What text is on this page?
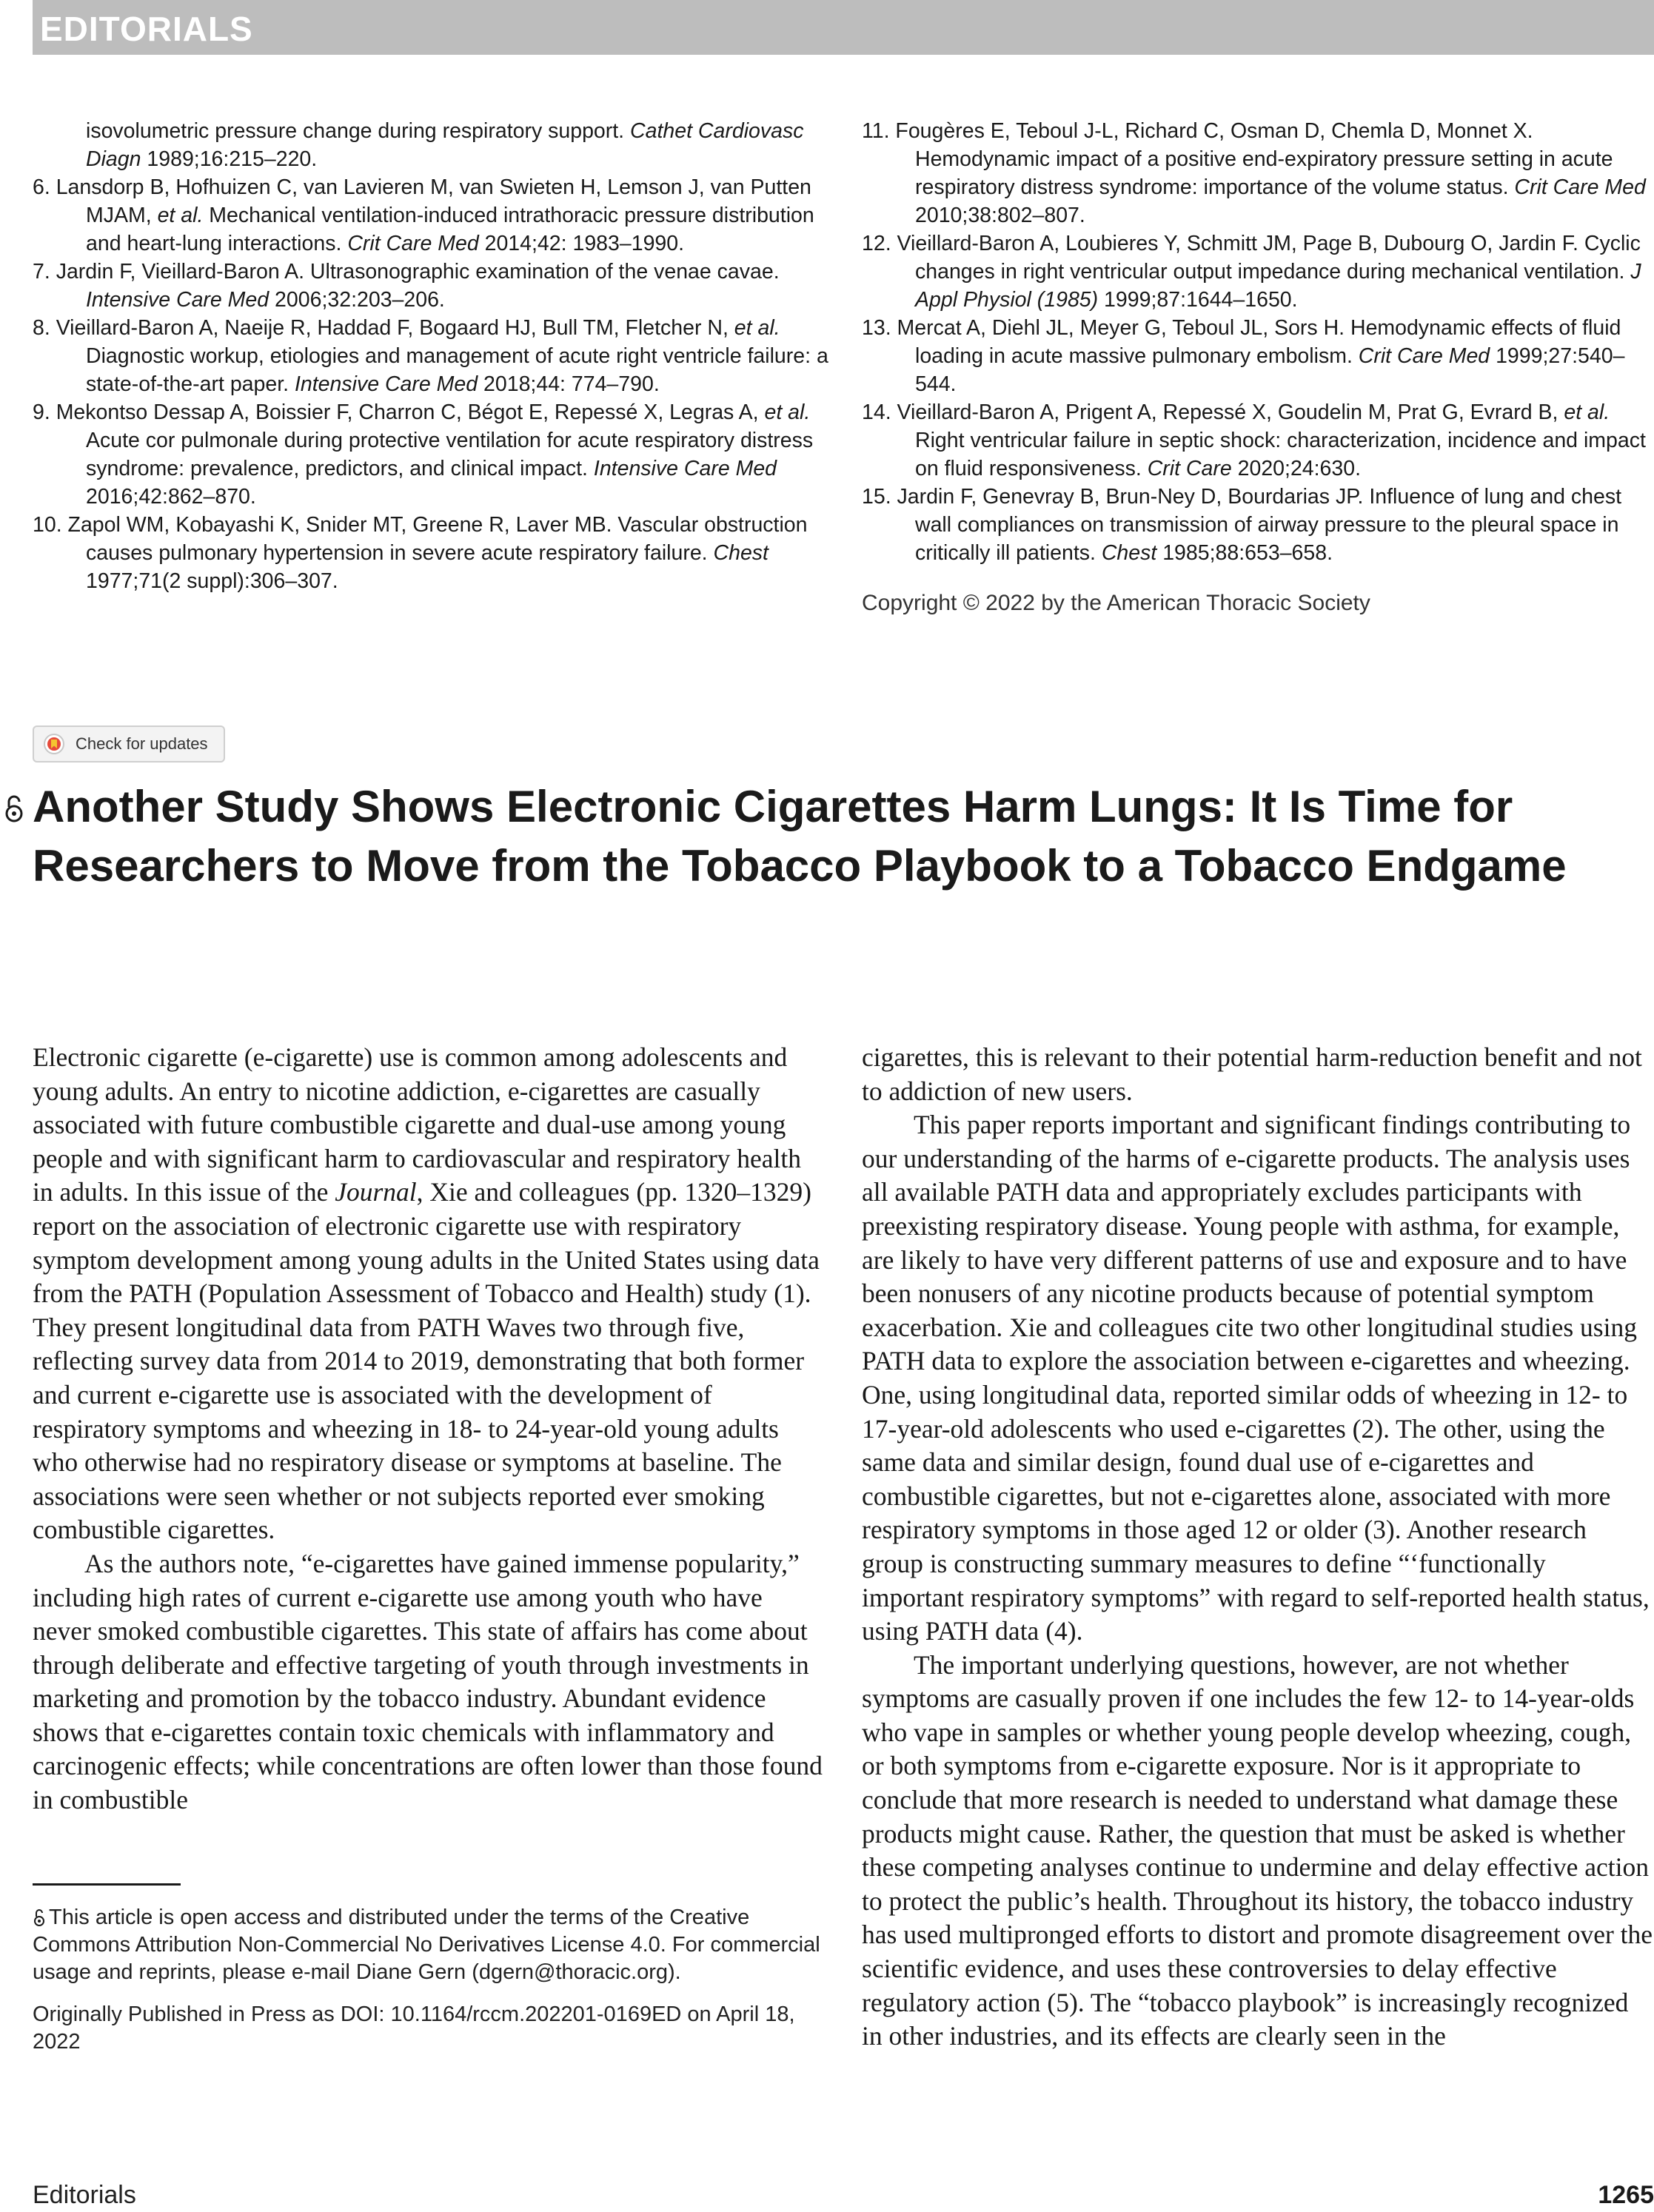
EDITORIALS

isovolumetric pressure change during respiratory support. Cathet Cardiovasc Diagn 1989;16:215–220.

6. Lansdorp B, Hofhuizen C, van Lavieren M, van Swieten H, Lemson J, van Putten MJAM, et al. Mechanical ventilation-induced intrathoracic pressure distribution and heart-lung interactions. Crit Care Med 2014;42: 1983–1990.

7. Jardin F, Vieillard-Baron A. Ultrasonographic examination of the venae cavae. Intensive Care Med 2006;32:203–206.

8. Vieillard-Baron A, Naeije R, Haddad F, Bogaard HJ, Bull TM, Fletcher N, et al. Diagnostic workup, etiologies and management of acute right ventricle failure: a state-of-the-art paper. Intensive Care Med 2018;44: 774–790.

9. Mekontso Dessap A, Boissier F, Charron C, Bégot E, Repessé X, Legras A, et al. Acute cor pulmonale during protective ventilation for acute respiratory distress syndrome: prevalence, predictors, and clinical impact. Intensive Care Med 2016;42:862–870.

10. Zapol WM, Kobayashi K, Snider MT, Greene R, Laver MB. Vascular obstruction causes pulmonary hypertension in severe acute respiratory failure. Chest 1977;71(2 suppl):306–307.

11. Fougères E, Teboul J-L, Richard C, Osman D, Chemla D, Monnet X. Hemodynamic impact of a positive end-expiratory pressure setting in acute respiratory distress syndrome: importance of the volume status. Crit Care Med 2010;38:802–807.

12. Vieillard-Baron A, Loubieres Y, Schmitt JM, Page B, Dubourg O, Jardin F. Cyclic changes in right ventricular output impedance during mechanical ventilation. J Appl Physiol (1985) 1999;87:1644–1650.

13. Mercat A, Diehl JL, Meyer G, Teboul JL, Sors H. Hemodynamic effects of fluid loading in acute massive pulmonary embolism. Crit Care Med 1999;27:540–544.

14. Vieillard-Baron A, Prigent A, Repessé X, Goudelin M, Prat G, Evrard B, et al. Right ventricular failure in septic shock: characterization, incidence and impact on fluid responsiveness. Crit Care 2020;24:630.

15. Jardin F, Genevray B, Brun-Ney D, Bourdarias JP. Influence of lung and chest wall compliances on transmission of airway pressure to the pleural space in critically ill patients. Chest 1985;88:653–658.

Copyright © 2022 by the American Thoracic Society

Check for updates
Another Study Shows Electronic Cigarettes Harm Lungs: It Is Time for Researchers to Move from the Tobacco Playbook to a Tobacco Endgame

Electronic cigarette (e-cigarette) use is common among adolescents and young adults. An entry to nicotine addiction, e-cigarettes are casually associated with future combustible cigarette and dual-use among young people and with significant harm to cardiovascular and respiratory health in adults. In this issue of the Journal, Xie and colleagues (pp. 1320–1329) report on the association of electronic cigarette use with respiratory symptom development among young adults in the United States using data from the PATH (Population Assessment of Tobacco and Health) study (1). They present longitudinal data from PATH Waves two through five, reflecting survey data from 2014 to 2019, demonstrating that both former and current e-cigarette use is associated with the development of respiratory symptoms and wheezing in 18- to 24-year-old young adults who otherwise had no respiratory disease or symptoms at baseline. The associations were seen whether or not subjects reported ever smoking combustible cigarettes.

As the authors note, “e-cigarettes have gained immense popularity,” including high rates of current e-cigarette use among youth who have never smoked combustible cigarettes. This state of affairs has come about through deliberate and effective targeting of youth through investments in marketing and promotion by the tobacco industry. Abundant evidence shows that e-cigarettes contain toxic chemicals with inflammatory and carcinogenic effects; while concentrations are often lower than those found in combustible

cigarettes, this is relevant to their potential harm-reduction benefit and not to addiction of new users.

This paper reports important and significant findings contributing to our understanding of the harms of e-cigarette products. The analysis uses all available PATH data and appropriately excludes participants with preexisting respiratory disease. Young people with asthma, for example, are likely to have very different patterns of use and exposure and to have been nonusers of any nicotine products because of potential symptom exacerbation. Xie and colleagues cite two other longitudinal studies using PATH data to explore the association between e-cigarettes and wheezing. One, using longitudinal data, reported similar odds of wheezing in 12- to 17-year-old adolescents who used e-cigarettes (2). The other, using the same data and similar design, found dual use of e-cigarettes and combustible cigarettes, but not e-cigarettes alone, associated with more respiratory symptoms in those aged 12 or older (3). Another research group is constructing summary measures to define “‘functionally important respiratory symptoms” with regard to self-reported health status, using PATH data (4).

The important underlying questions, however, are not whether symptoms are casually proven if one includes the few 12- to 14-year-olds who vape in samples or whether young people develop wheezing, cough, or both symptoms from e-cigarette exposure. Nor is it appropriate to conclude that more research is needed to understand what damage these products might cause. Rather, the question that must be asked is whether these competing analyses continue to undermine and delay effective action to protect the public’s health. Throughout its history, the tobacco industry has used multipronged efforts to distort and promote disagreement over the scientific evidence, and uses these controversies to delay effective regulatory action (5). The “tobacco playbook” is increasingly recognized in other industries, and its effects are clearly seen in the

This article is open access and distributed under the terms of the Creative Commons Attribution Non-Commercial No Derivatives License 4.0. For commercial usage and reprints, please e-mail Diane Gern (dgern@thoracic.org).

Originally Published in Press as DOI: 10.1164/rccm.202201-0169ED on April 18, 2022

Editorials	1265
